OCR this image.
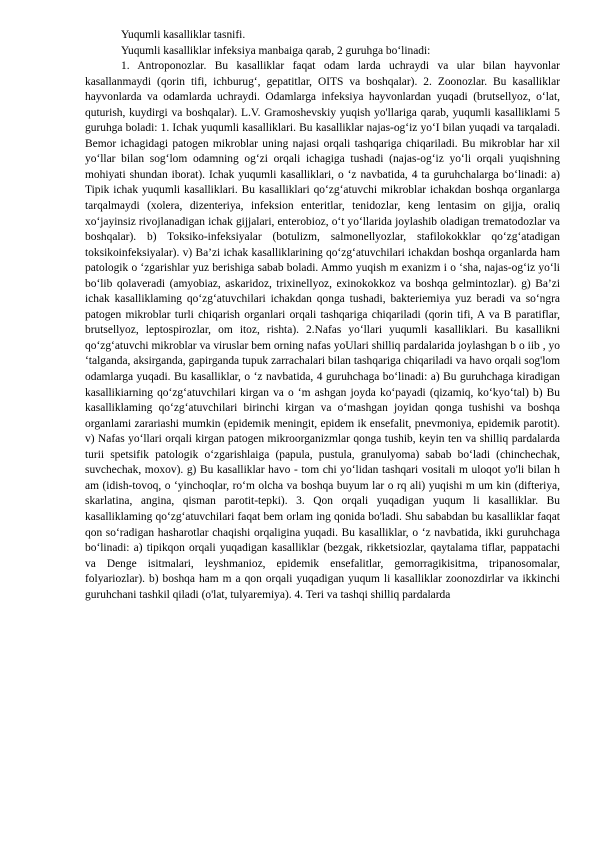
Yuqumli kasalliklar tasnifi.

Yuqumli kasalliklar infeksiya manbaiga qarab, 2 guruhga bo‘linadi:

1. Antroponozlar. Bu kasalliklar faqat odam larda uchraydi va ular bilan hayvonlar kasallanmaydi (qorin tifi, ichburug‘, gepatitlar, OITS va boshqalar). 2. Zoonozlar. Bu kasalliklar hayvonlarda va odamlarda uchraydi. Odamlarga infeksiya hayvonlardan yuqadi (brutsellyoz, o‘lat, quturish, kuydirgi va boshqalar). L.V. Gramoshevskiy yuqish yo'llariga qarab, yuqumli kasalliklami 5 guruhga boladi: 1. Ichak yuqumli kasalliklari. Bu kasalliklar najas-og‘iz yo‘I bilan yuqadi va tarqaladi. Bemor ichagidagi patogen mikroblar uning najasi orqali tashqariga chiqariladi. Bu mikroblar har xil yo‘llar bilan sog‘lom odamning og‘zi orqali ichagiga tushadi (najas-og‘iz yo‘li orqali yuqishning mohiyati shundan iborat). Ichak yuqumli kasalliklari, o ‘z navbatida, 4 ta guruhchalarga bo‘linadi: a) Tipik ichak yuqumli kasalliklari. Bu kasalliklari qo‘zg‘atuvchi mikroblar ichakdan boshqa organlarga tarqalmaydi (xolera, dizenteriya, infeksion enteritlar, tenidozlar, keng lentasim on gijja, oraliq xo‘jayinsiz rivojlanadigan ichak gijjalari, enterobioz, o‘t yo‘llarida joylashib oladigan trematodozlar va boshqalar). b) Toksiko-infeksiyalar (botulizm, salmonellyozlar, stafilokokklar qo‘zg‘atadigan toksikoinfeksiyalar). v) Ba’zi ichak kasalliklarining qo‘zg‘atuvchilari ichakdan boshqa organlarda ham patologik o ‘zgarishlar yuz berishiga sabab boladi. Ammo yuqish m exanizm i o ‘sha, najas-og‘iz yo‘li bo‘lib qolaveradi (amyobiaz, askaridoz, trixinellyoz, exinokokkoz va boshqa gelmintozlar). g) Ba’zi ichak kasalliklaming qo‘zg‘atuvchilari ichakdan qonga tushadi, bakteriemiya yuz beradi va so‘ngra patogen mikroblar turli chiqarish organlari orqali tashqariga chiqariladi (qorin tifi, A va B paratiflar, brutsellyoz, leptospirozlar, om itoz, rishta). 2.Nafas yo‘llari yuqumli kasalliklari. Bu kasallikni qo‘zg‘atuvchi mikroblar va viruslar bem orning nafas yoUlari shilliq pardalarida joylashgan b o iib , yo ‘talganda, aksirganda, gapirganda tupuk zarrachalari bilan tashqariga chiqariladi va havo orqali sog'lom odamlarga yuqadi. Bu kasalliklar, o ‘z navbatida, 4 guruhchaga bo‘linadi: a) Bu guruhchaga kiradigan kasallikiarning qo‘zg‘atuvchilari kirgan va o ‘m ashgan joyda ko‘payadi (qizamiq, ko‘kyo‘tal) b) Bu kasalliklaming qo‘zg‘atuvchilari birinchi kirgan va o‘mashgan joyidan qonga tushishi va boshqa organlami zarariashi mumkin (epidemik meningit, epidem ik ensefalit, pnevmoniya, epidemik parotit). v) Nafas yo‘llari orqali kirgan patogen mikroorganizmlar qonga tushib, keyin ten va shilliq pardalarda turii spetsifik patologik o‘zgarishlaiga (papula, pustula, granulyoma) sabab bo‘ladi (chinchechak, suvchechak, moxov). g) Bu kasalliklar havo - tom chi yo‘lidan tashqari vositali m uloqot yo'li bilan h am (idish-tovoq, o ‘yinchoqlar, ro‘m olcha va boshqa buyum lar o rq ali) yuqishi m um kin (difteriya, skarlatina, angina, qisman parotit-tepki). 3. Qon orqali yuqadigan yuqum li kasalliklar. Bu kasalliklaming qo‘zg‘atuvchilari faqat bem orlam ing qonida bo'ladi. Shu sababdan bu kasalliklar faqat qon so‘radigan hasharotlar chaqishi orqaligina yuqadi. Bu kasalliklar, o ‘z navbatida, ikki guruhchaga bo‘linadi: a) tipikqon orqali yuqadigan kasalliklar (bezgak, rikketsiozlar, qaytalama tiflar, pappatachi va Denge isitmalari, leyshmanioz, epidemik ensefalitlar, gemorragikisitma, tripanosomalar, folyariozlar). b) boshqa ham m a qon orqali yuqadigan yuqum li kasalliklar zoonozdirlar va ikkinchi guruhchani tashkil qiladi (o'lat, tulyaremiya). 4. Teri va tashqi shilliq pardalarda
